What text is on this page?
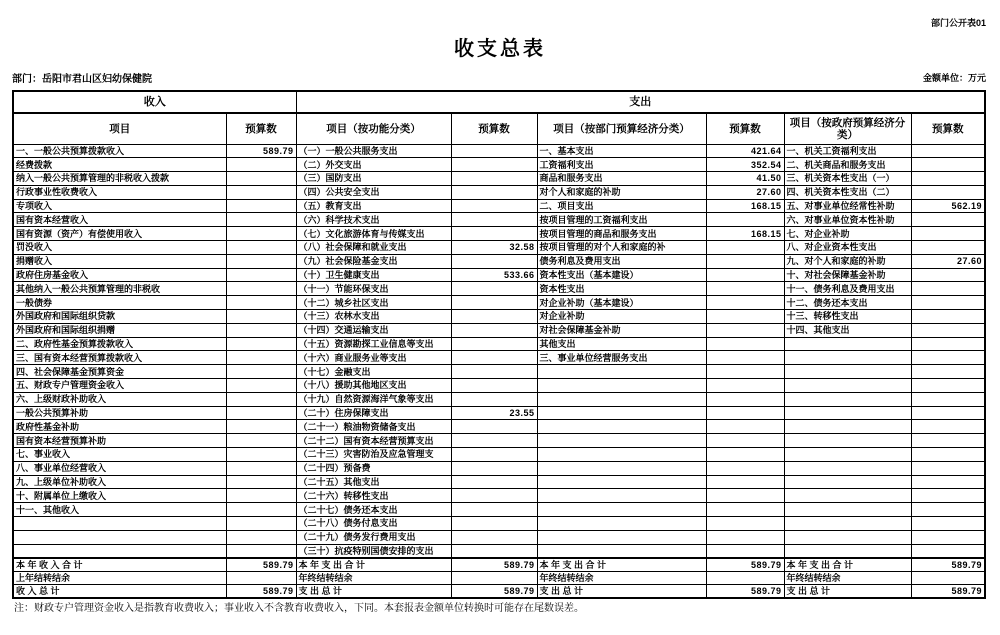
部门公开表01
收支总表
部门：岳阳市君山区妇幼保健院	金额单位：万元
收入		支出					
项目	预算数	项目（按功能分类）	预算数	项目（按部门预算经济分类）	预算数	项目（按政府预算经济分类）	预算数
一、一般公共预算拨款收入	589.79	（一）一般公共服务支出		一、基本支出	421.64	一、机关工资福利支出	
经费拨款		（二）外交支出		工资福利支出	352.54	二、机关商品和服务支出	
纳入一般公共预算管理的非税收入拨款		（三）国防支出		商品和服务支出	41.50	三、机关资本性支出（一）	
行政事业性收费收入		（四）公共安全支出		对个人和家庭的补助	27.60	四、机关资本性支出（二）	
专项收入		（五）教育支出		二、项目支出	168.15	五、对事业单位经常性补助	562.19
国有资本经营收入		（六）科学技术支出		按项目管理的工资福利支出		六、对事业单位资本性补助	
国有资源（资产）有偿使用收入		（七）文化旅游体育与传媒支出		按项目管理的商品和服务支出	168.15	七、对企业补助	
罚没收入		（八）社会保障和就业支出	32.58	按项目管理的对个人和家庭的补		八、对企业资本性支出	
捐赠收入		（九）社会保险基金支出		债务利息及费用支出		九、对个人和家庭的补助	27.60
政府住房基金收入		（十）卫生健康支出	533.66	资本性支出（基本建设）		十、对社会保障基金补助	
其他纳入一般公共预算管理的非税收		（十一）节能环保支出		资本性支出		十一、债务利息及费用支出	
一般债券		（十二）城乡社区支出		对企业补助（基本建设）		十二、债务还本支出	
外国政府和国际组织贷款		（十三）农林水支出		对企业补助		十三、转移性支出	
外国政府和国际组织捐赠		（十四）交通运输支出		对社会保障基金补助		十四、其他支出	
二、政府性基金预算拨款收入		（十五）资源勘探工业信息等支出		其他支出			
三、国有资本经营预算拨款收入		（十六）商业服务业等支出		三、事业单位经营服务支出			
四、社会保障基金预算资金		（十七）金融支出					
五、财政专户管理资金收入		（十八）援助其他地区支出					
六、上级财政补助收入		（十九）自然资源海洋气象等支出					
一般公共预算补助		（二十）住房保障支出	23.55				
政府性基金补助		（二十一）粮油物资储备支出					
国有资本经营预算补助		（二十二）国有资本经营预算支出					
七、事业收入		（二十三）灾害防治及应急管理支					
八、事业单位经营收入		（二十四）预备费					
九、上级单位补助收入		（二十五）其他支出					
十、附属单位上缴收入		（二十六）转移性支出					
十一、其他收入		（二十七）债务还本支出					
		（二十八）债务付息支出					
		（二十九）债务发行费用支出					
		（三十）抗疫特别国债安排的支出					
本 年 收 入 合 计	589.79	本 年 支 出 合 计	589.79	本 年 支 出 合 计	589.79	本 年 支 出 合 计	589.79
上年结转结余		年终结转结余		年终结转结余		年终结转结余	
收 入 总 计	589.79	支 出 总 计	589.79	支 出 总 计	589.79	支 出 总 计	589.79
注：财政专户管理资金收入是指教育收费收入；事业收入不含教育收费收入，下同。本套报表金额单位转换时可能存在尾数误差。
